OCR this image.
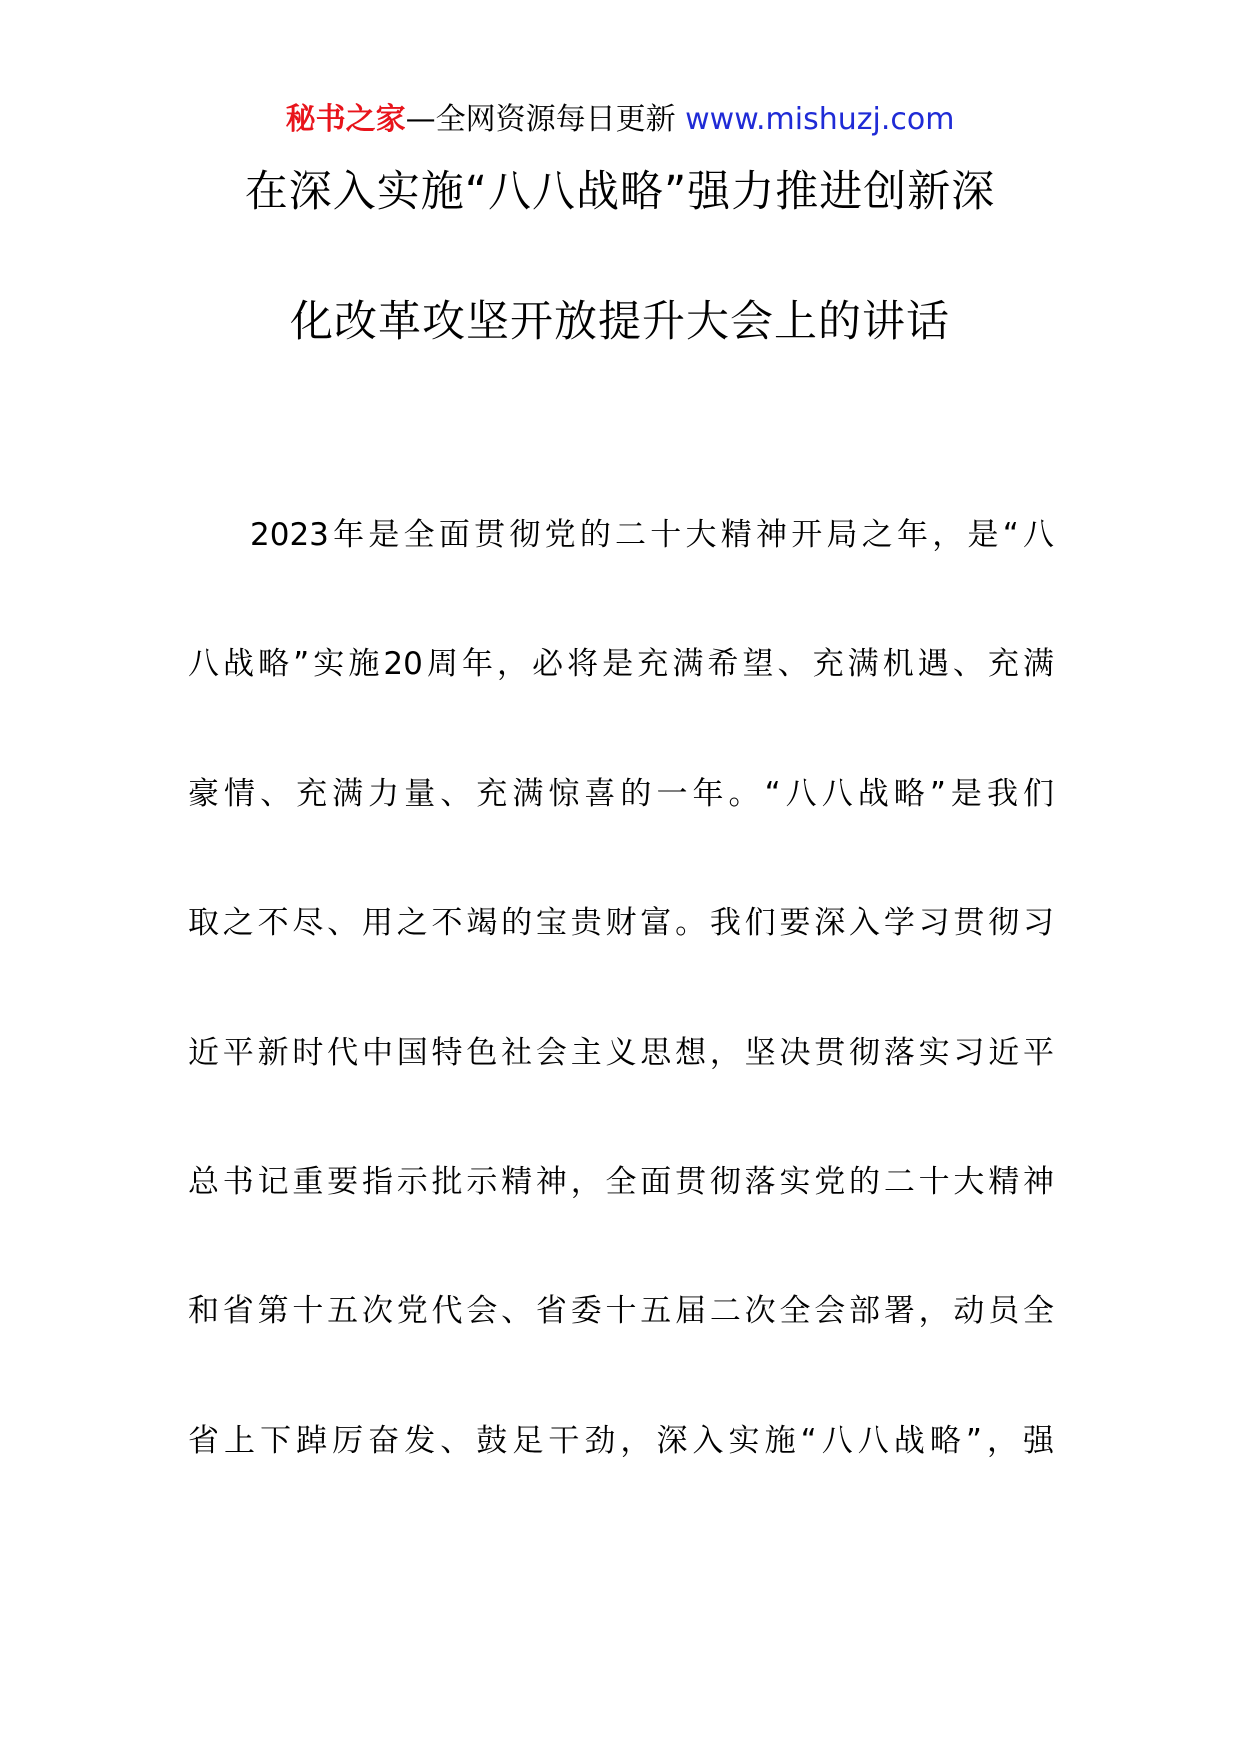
秘书之家—全网资源每日更新 www.mishuzj.com
在深入实施“八八战略”强力推进创新深
化改革攻坚开放提升大会上的讲话
2023年是全面贯彻党的二十大精神开局之年，是“八
八战略”实施20周年，必将是充满希望、充满机遇、充满
豪情、充满力量、充满惊喜的一年。“八八战略”是我们
取之不尽、用之不竭的宝贵财富。我们要深入学习贯彻习
近平新时代中国特色社会主义思想，坚决贯彻落实习近平
总书记重要指示批示精神，全面贯彻落实党的二十大精神
和省第十五次党代会、省委十五届二次全会部署，动员全
省上下踔厉奋发、鼓足干劲，深入实施“八八战略”，强
